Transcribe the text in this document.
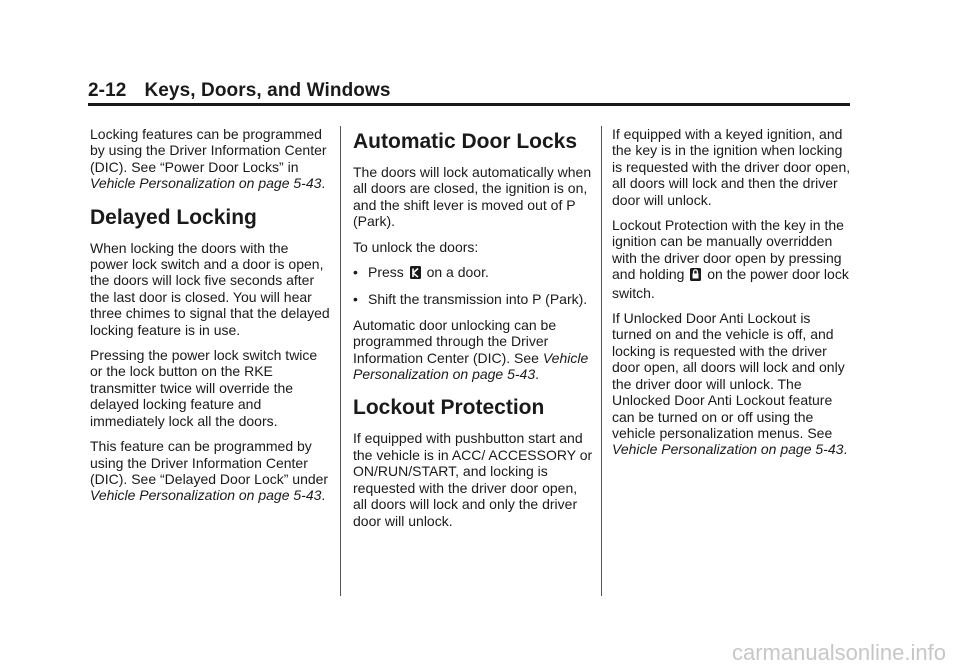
2-12 Keys, Doors, and Windows

Locking features can be programmed by using the Driver Information Center (DIC). See “Power Door Locks” in Vehicle Personalization on page 5-43.

Delayed Locking

When locking the doors with the power lock switch and a door is open, the doors will lock five seconds after the last door is closed. You will hear three chimes to signal that the delayed locking feature is in use.

Pressing the power lock switch twice or the lock button on the RKE transmitter twice will override the delayed locking feature and immediately lock all the doors.

This feature can be programmed by using the Driver Information Center (DIC). See “Delayed Door Lock” under Vehicle Personalization on page 5-43.

Automatic Door Locks

The doors will lock automatically when all doors are closed, the ignition is on, and the shift lever is moved out of P (Park).

To unlock the doors:

• Press on a door.
• Shift the transmission into P (Park).

Automatic door unlocking can be programmed through the Driver Information Center (DIC). See Vehicle Personalization on page 5-43.

Lockout Protection

If equipped with pushbutton start and the vehicle is in ACC/ ACCESSORY or ON/RUN/START, and locking is requested with the driver door open, all doors will lock and only the driver door will unlock.

If equipped with a keyed ignition, and the key is in the ignition when locking is requested with the driver door open, all doors will lock and then the driver door will unlock.

Lockout Protection with the key in the ignition can be manually overridden with the driver door open by pressing and holding on the power door lock switch.

If Unlocked Door Anti Lockout is turned on and the vehicle is off, and locking is requested with the driver door open, all doors will lock and only the driver door will unlock. The Unlocked Door Anti Lockout feature can be turned on or off using the vehicle personalization menus. See Vehicle Personalization on page 5-43.

carmanualsonline.info
